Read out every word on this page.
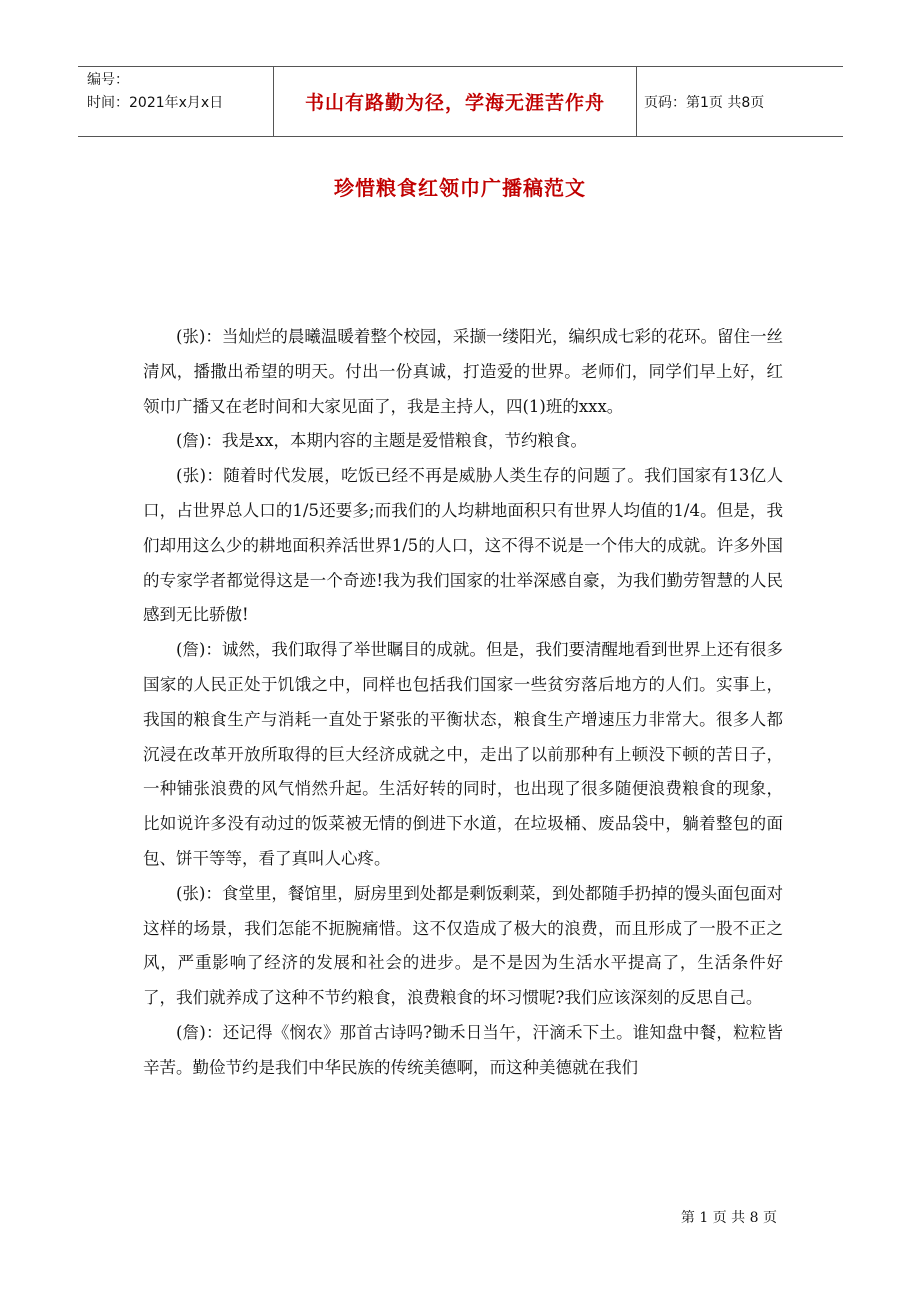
编号：
时间：2021年x月x日	书山有路勤为径，学海无涯苦作舟	页码：第1页 共8页
珍惜粮食红领巾广播稿范文

(张)：当灿烂的晨曦温暖着整个校园，采撷一缕阳光，编织成七彩的花环。留住一丝清风，播撒出希望的明天。付出一份真诚，打造爱的世界。老师们，同学们早上好，红领巾广播又在老时间和大家见面了，我是主持人，四(1)班的xxx。

(詹)：我是xx，本期内容的主题是爱惜粮食，节约粮食。

(张)：随着时代发展，吃饭已经不再是威胁人类生存的问题了。我们国家有13亿人口，占世界总人口的1/5还要多;而我们的人均耕地面积只有世界人均值的1/4。但是，我们却用这么少的耕地面积养活世界1/5的人口，这不得不说是一个伟大的成就。许多外国的专家学者都觉得这是一个奇迹!我为我们国家的壮举深感自豪，为我们勤劳智慧的人民感到无比骄傲!

(詹)：诚然，我们取得了举世瞩目的成就。但是，我们要清醒地看到世界上还有很多国家的人民正处于饥饿之中，同样也包括我们国家一些贫穷落后地方的人们。实事上，我国的粮食生产与消耗一直处于紧张的平衡状态，粮食生产增速压力非常大。很多人都沉浸在改革开放所取得的巨大经济成就之中，走出了以前那种有上顿没下顿的苦日子，一种铺张浪费的风气悄然升起。生活好转的同时，也出现了很多随便浪费粮食的现象，比如说许多没有动过的饭菜被无情的倒进下水道，在垃圾桶、废品袋中，躺着整包的面包、饼干等等，看了真叫人心疼。

(张)：食堂里，餐馆里，厨房里到处都是剩饭剩菜，到处都随手扔掉的馒头面包面对这样的场景，我们怎能不扼腕痛惜。这不仅造成了极大的浪费，而且形成了一股不正之风，严重影响了经济的发展和社会的进步。是不是因为生活水平提高了，生活条件好了，我们就养成了这种不节约粮食，浪费粮食的坏习惯呢?我们应该深刻的反思自己。

(詹)：还记得《悯农》那首古诗吗?锄禾日当午，汗滴禾下土。谁知盘中餐，粒粒皆辛苦。勤俭节约是我们中华民族的传统美德啊，而这种美德就在我们

第 1 页 共 8 页
